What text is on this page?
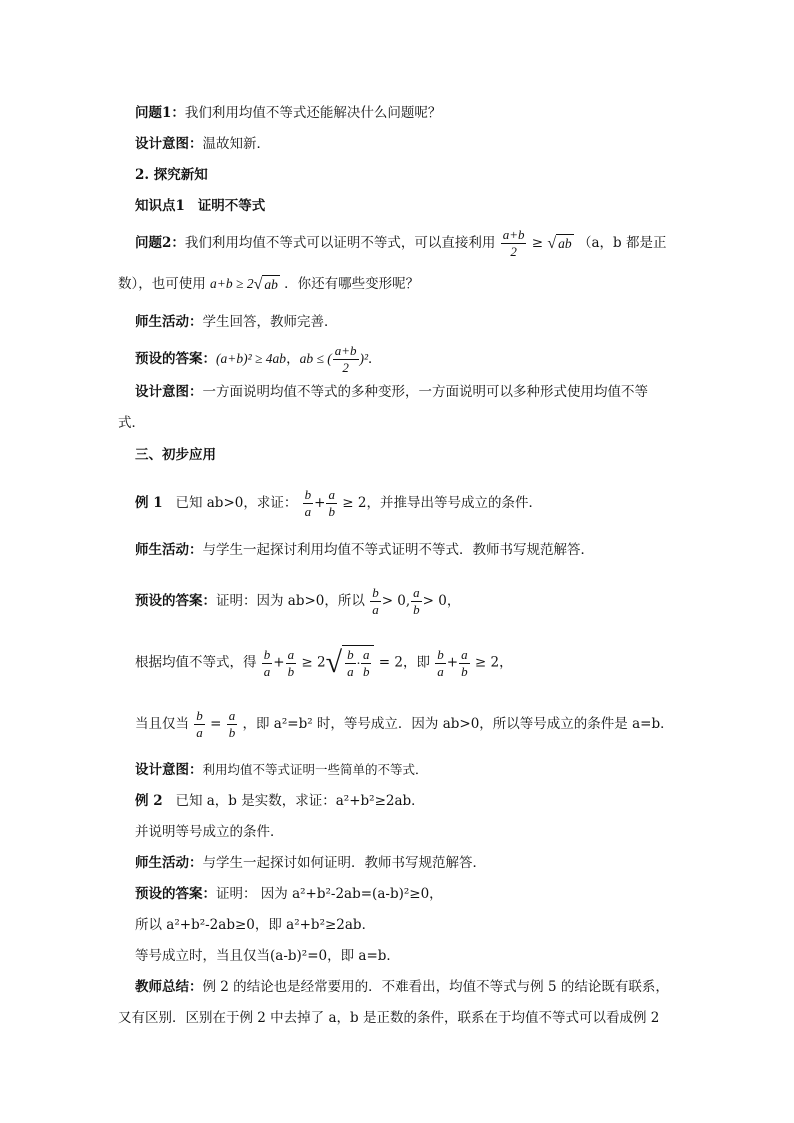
问题1：我们利用均值不等式还能解决什么问题呢？
设计意图：温故知新．
2. 探究新知
知识点1 证明不等式
问题2：我们利用均值不等式可以证明不等式，可以直接利用 $\frac{a+b}{2}$ ≥ √ ab （a，b 都是正
数），也可使用 a+b ≥ 2 √ ab ．你还有哪些变形呢？
师生活动：学生回答，教师完善．
预设的答案：(a+b)² ≥ 4ab，ab ≤ ( $\frac{a+b}{2} )^2$．
设计意图：一方面说明均值不等式的多种变形，一方面说明可以多种形式使用均值不等
式．
三、初步应用
例 1 已知 ab>0，求证： $\frac{b}{a} + \frac{a}{b} \ge 2$，并推导出等号成立的条件．
师生活动：与学生一起探讨利用均值不等式证明不等式．教师书写规范解答．
预设的答案：证明：因为 ab>0，所以 $\frac{b}{a} > 0$, $\frac{a}{b} > 0$，
根据均值不等式，得 $\frac{b}{a} + \frac{a}{b} \ge 2$ √ $\frac{b}{a} \cdot \frac{a}{b} = 2$，即 $\frac{b}{a} + \frac{a}{b} \ge 2$，
当且仅当 $\frac{b}{a} = \frac{a}{b}$ ，即 a²=b² 时，等号成立．因为 ab>0，所以等号成立的条件是 a=b．
设计意图：利用均值不等式证明一些简单的不等式．
例 2 已知 a，b 是实数，求证：a²+b²≥2ab．
并说明等号成立的条件．
师生活动：与学生一起探讨如何证明．教师书写规范解答．
预设的答案：证明： 因为 a²+b²-2ab=(a-b)²≥0，
所以 a²+b²-2ab≥0，即 a²+b²≥2ab．
等号成立时，当且仅当(a-b)²=0，即 a=b．
教师总结：例 2 的结论也是经常要用的．不难看出，均值不等式与例 5 的结论既有联系，
又有区别．区别在于例 2 中去掉了 a，b 是正数的条件，联系在于均值不等式可以看成例 2
